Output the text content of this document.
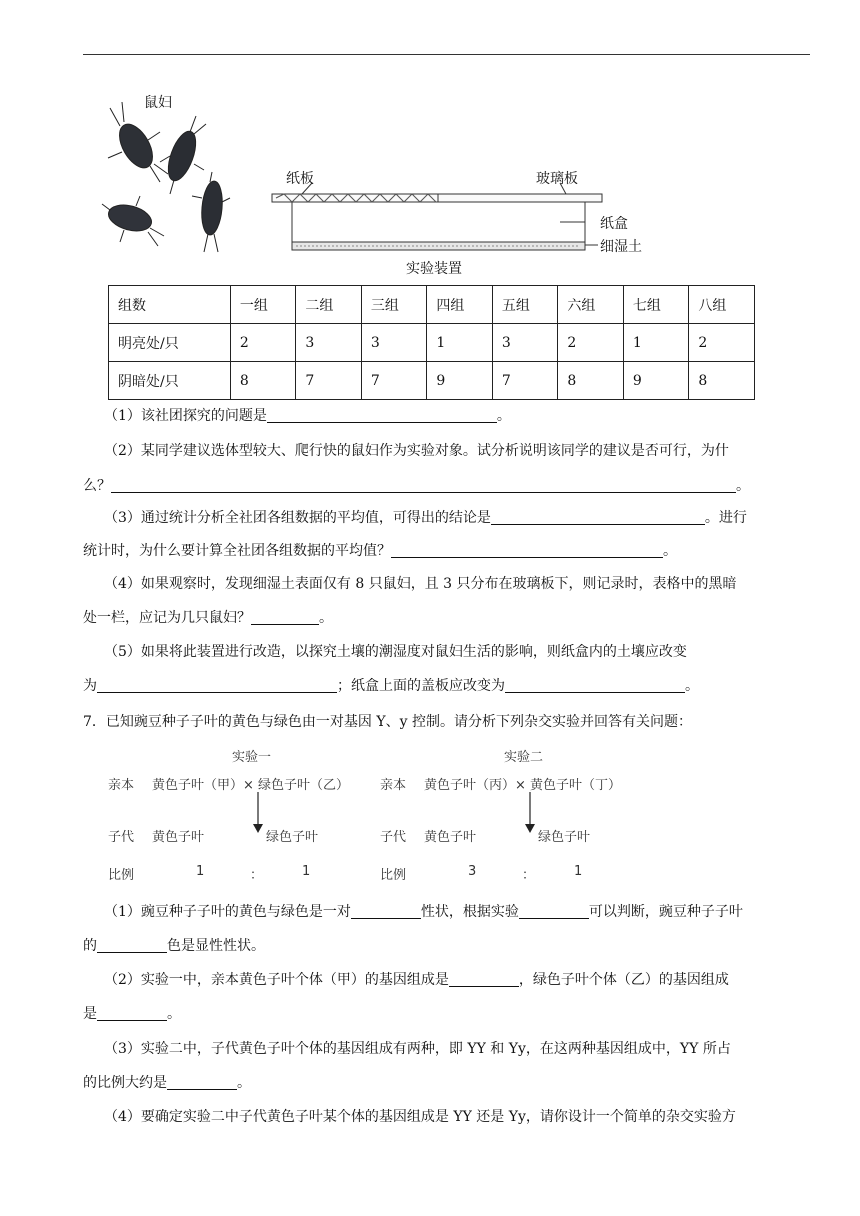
鼠妇
纸板	玻璃板
纸盒
细湿土
实验装置
组数	一组	二组	三组	四组	五组	六组	七组	八组
明亮处/只	2	3	3	1	3	2	1	2
阴暗处/只	8	7	7	9	7	8	9	8
（1）该社团探究的问题是	。
（2）某同学建议选体型较大、爬行快的鼠妇作为实验对象。试分析说明该同学的建议是否可行，为什
么？	。
（3）通过统计分析全社团各组数据的平均值，可得出的结论是	。进行
统计时，为什么要计算全社团各组数据的平均值？	。
（4）如果观察时，发现细湿土表面仅有 8 只鼠妇，且 3 只分布在玻璃板下，则记录时，表格中的黑暗
处一栏，应记为几只鼠妇？	。
（5）如果将此装置进行改造，以探究土壤的潮湿度对鼠妇生活的影响，则纸盒内的土壤应改变
为	；纸盒上面的盖板应改变为	。
7．已知豌豆种子子叶的黄色与绿色由一对基因 Y、y 控制。请分析下列杂交实验并回答有关问题：
实验一
亲本 黄色子叶（甲）× 绿色子叶（乙）
子代 黄色子叶	绿色子叶
比例	1	：	1
实验二
亲本 黄色子叶（丙）× 黄色子叶（丁）
子代 黄色子叶	绿色子叶
比例	3	：	1
（1）豌豆种子子叶的黄色与绿色是一对	性状，根据实验	可以判断，豌豆种子子叶
的	色是显性性状。
（2）实验一中，亲本黄色子叶个体（甲）的基因组成是	，绿色子叶个体（乙）的基因组成
是	。
（3）实验二中，子代黄色子叶个体的基因组成有两种，即 YY 和 Yy，在这两种基因组成中，YY 所占
的比例大约是	。
（4）要确定实验二中子代黄色子叶某个体的基因组成是 YY 还是 Yy，请你设计一个简单的杂交实验方
